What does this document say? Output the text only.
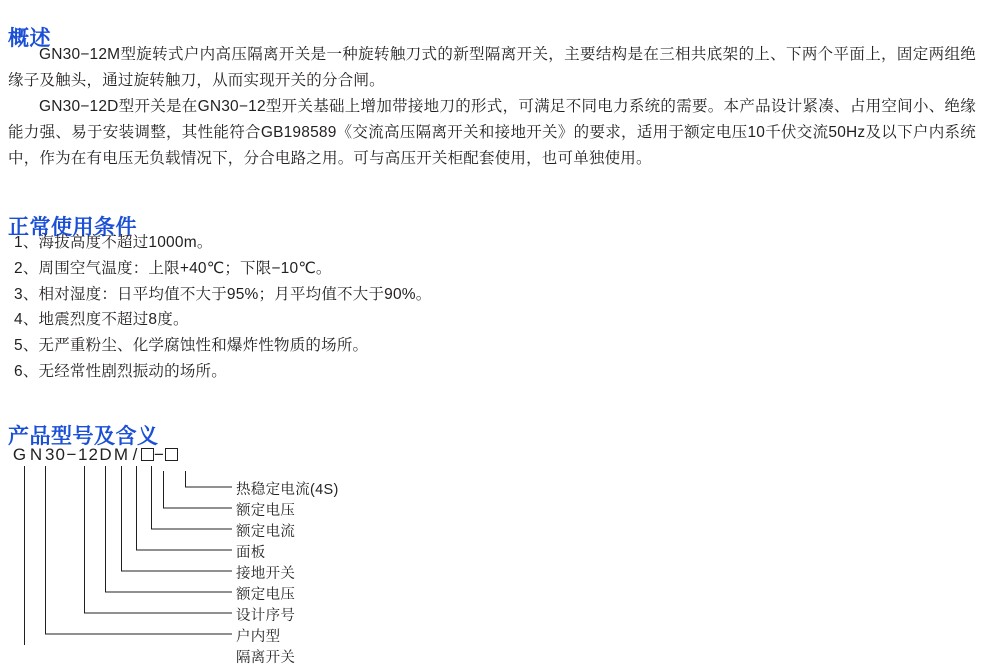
概述

GN30−12M型旋转式户内高压隔离开关是一种旋转触刀式的新型隔离开关，主要结构是在三相共底架的上、下两个平面上，固定两组绝缘子及触头，通过旋转触刀，从而实现开关的分合闸。

GN30−12D型开关是在GN30−12型开关基础上增加带接地刀的形式，可满足不同电力系统的需要。本产品设计紧凑、占用空间小、绝缘能力强、易于安装调整，其性能符合GB198589《交流高压隔离开关和接地开关》的要求，适用于额定电压10千伏交流50Hz及以下户内系统中，作为在有电压无负载情况下，分合电路之用。可与高压开关柜配套使用，也可单独使用。

正常使用条件
1、海拔高度不超过1000m。
2、周围空气温度：上限+40℃；下限−10℃。
3、相对湿度：日平均值不大于95%；月平均值不大于90%。
4、地震烈度不超过8度。
5、无严重粉尘、化学腐蚀性和爆炸性物质的场所。
6、无经常性剧烈振动的场所。
产品型号及含义
G N 30−12DM / −
热稳定电流(4S)
额定电压
额定电流
面板
接地开关
额定电压
设计序号
户内型
隔离开关
